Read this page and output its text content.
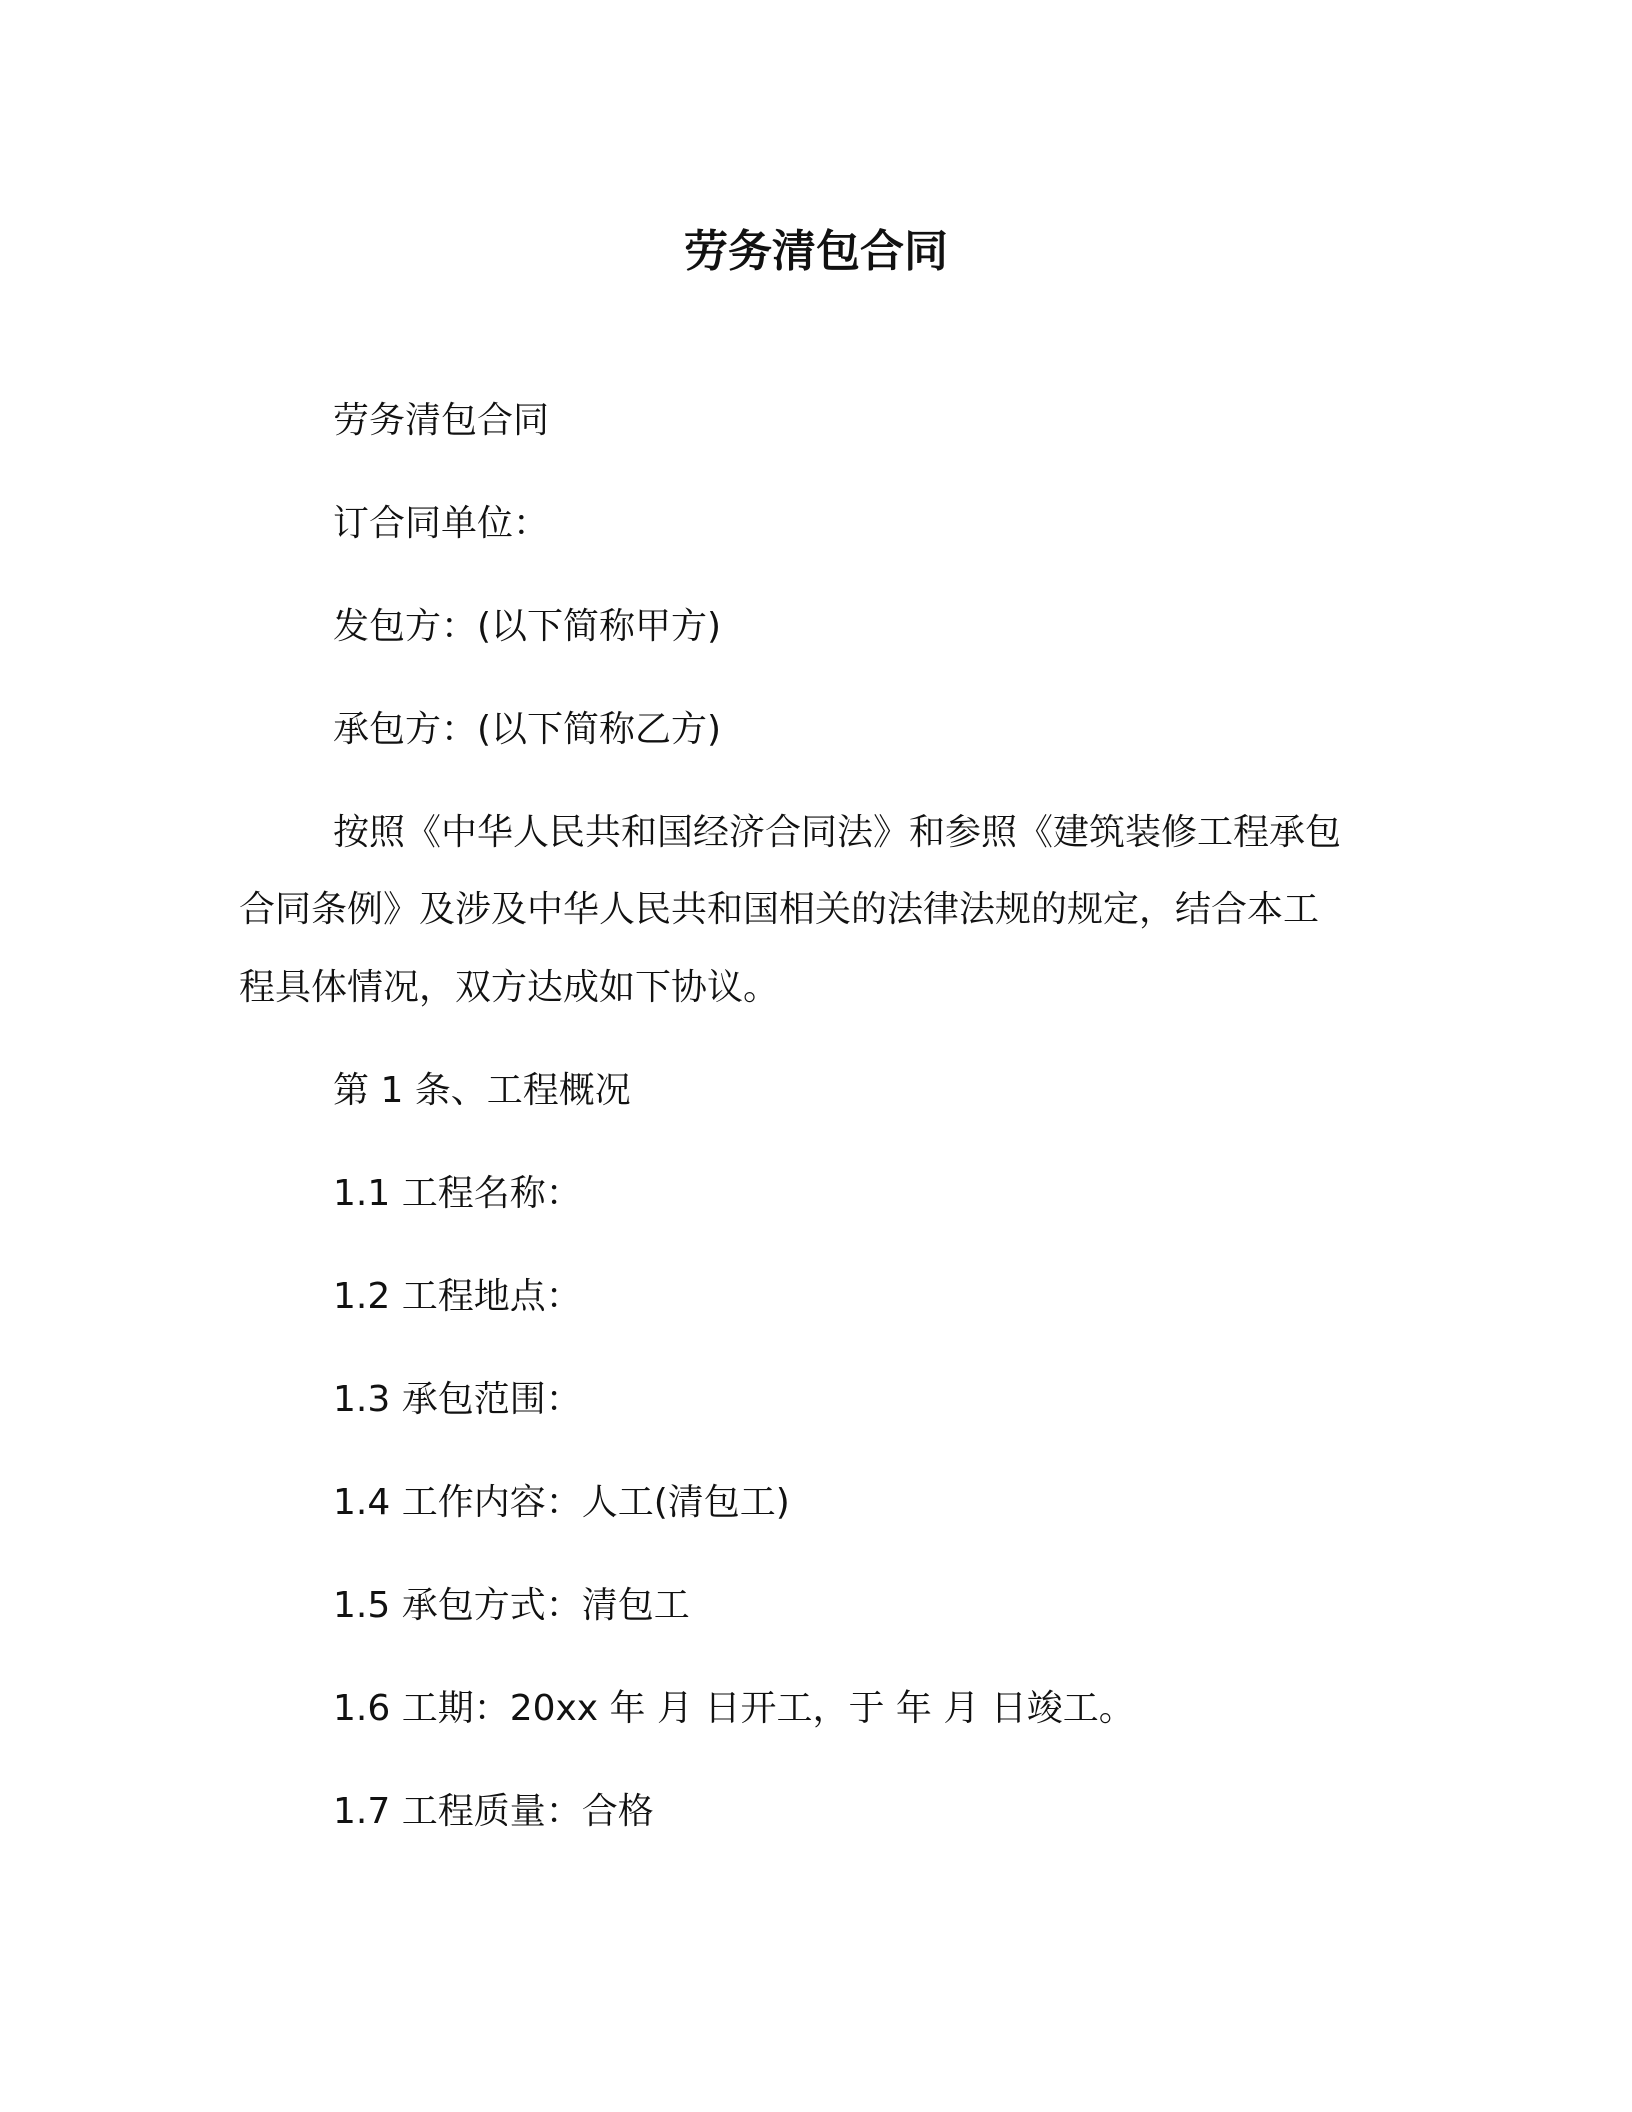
劳务清包合同
劳务清包合同
订合同单位：
发包方：(以下简称甲方)
承包方：(以下简称乙方)
按照《中华人民共和国经济合同法》和参照《建筑装修工程承包
合同条例》及涉及中华人民共和国相关的法律法规的规定，结合本工
程具体情况，双方达成如下协议。
第 1 条、工程概况
1.1 工程名称：
1.2 工程地点：
1.3 承包范围：
1.4 工作内容：人工(清包工)
1.5 承包方式：清包工
1.6 工期：20xx 年 月 日开工，于 年 月 日竣工。
1.7 工程质量：合格
